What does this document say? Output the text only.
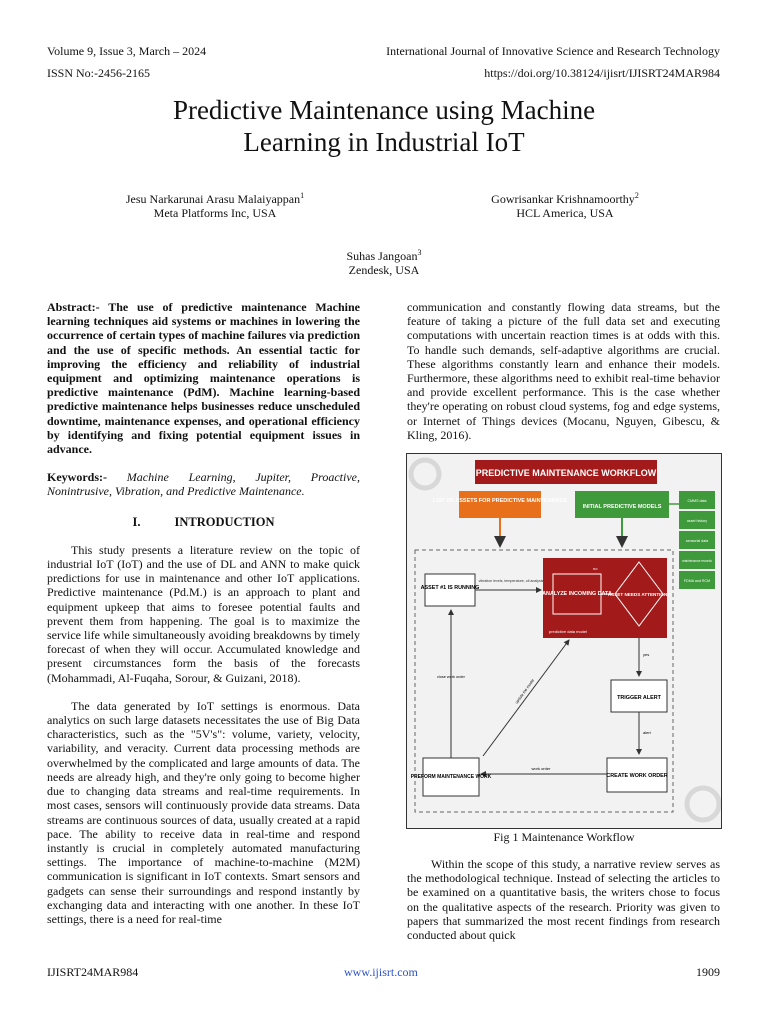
Volume 9, Issue 3, March – 2024	International Journal of Innovative Science and Research Technology
ISSN No:-2456-2165	https://doi.org/10.38124/ijisrt/IJISRT24MAR984
Predictive Maintenance using Machine
Learning in Industrial IoT
Jesu Narkarunai Arasu Malaiyappan$^1$
Meta Platforms Inc, USA
Gowrisankar Krishnamoorthy$^2$
HCL America, USA
Suhas Jangoan$^3$
Zendesk, USA

Abstract:- The use of predictive maintenance Machine learning techniques aid systems or machines in lowering the occurrence of certain types of machine failures via prediction and the use of specific methods. An essential tactic for improving the efficiency and reliability of industrial equipment and optimizing maintenance operations is predictive maintenance (PdM). Machine learning-based predictive maintenance helps businesses reduce unscheduled downtime, maintenance expenses, and operational efficiency by identifying and fixing potential equipment issues in advance.

Keywords:- Machine Learning, Jupiter, Proactive, Nonintrusive, Vibration, and Predictive Maintenance.

I.	INTRODUCTION

This study presents a literature review on the topic of industrial IoT (IoT) and the use of DL and ANN to make quick predictions for use in maintenance and other IoT applications. Predictive maintenance (Pd.M.) is an approach to plant and equipment upkeep that aims to foresee potential faults and prevent them from happening. The goal is to maximize the service life while simultaneously avoiding breakdowns by timely forecast of when they will occur. Accumulated knowledge and present circumstances form the basis of the forecasts (Mohammadi, Al-Fuqaha, Sorour, & Guizani, 2018).

The data generated by IoT settings is enormous. Data analytics on such large datasets necessitates the use of Big Data characteristics, such as the "5V's": volume, variety, velocity, variability, and veracity. Current data processing methods are overwhelmed by the complicated and large amounts of data. The needs are already high, and they're only going to become higher due to changing data streams and real-time requirements. In most cases, sensors will continuously provide data streams. Data streams are continuous sources of data, usually created at a rapid pace. The ability to receive data in real-time and respond instantly is crucial in completely automated manufacturing settings. The importance of machine-to-machine (M2M) communication is significant in IoT contexts. Smart sensors and gadgets can sense their surroundings and respond instantly by exchanging data and interacting with one another. In these IoT settings, there is a need for real-time

communication and constantly flowing data streams, but the feature of taking a picture of the full data set and executing computations with uncertain reaction times is at odds with this. To handle such demands, self-adaptive algorithms are crucial. These algorithms constantly learn and enhance their models. Furthermore, these algorithms need to exhibit real-time behavior and provide excellent performance. This is the case whether they're operating on robust cloud systems, fog and edge systems, or Internet of Things devices (Mocanu, Nguyen, Gibescu, & Kling, 2016).

PREDICTIVE MAINTENANCE WORKFLOW
LIST OF ASSETS FOR PREDICTIVE MAINTENANCE
INITIAL PREDICTIVE MODELS
CMMS data
asset history
sensorial data
maintenance records
FDMA and RCM
ASSET #1 IS RUNNING
vibration levels, temperature, oil analysis
predictive data model
ANALYZE INCOMING DATA
ASSET NEEDS ATTENTION?
no
yes
TRIGGER ALERT
alert
CREATE WORK ORDER
work order
PREFORM MAINTENANCE WORK
close work order
update the model
Fig 1 Maintenance Workflow

Within the scope of this study, a narrative review serves as the methodological technique. Instead of selecting the articles to be examined on a quantitative basis, the writers chose to focus on the qualitative aspects of the research. Priority was given to papers that summarized the most recent findings from research conducted about quick

IJISRT24MAR984	www.ijisrt.com	1909
